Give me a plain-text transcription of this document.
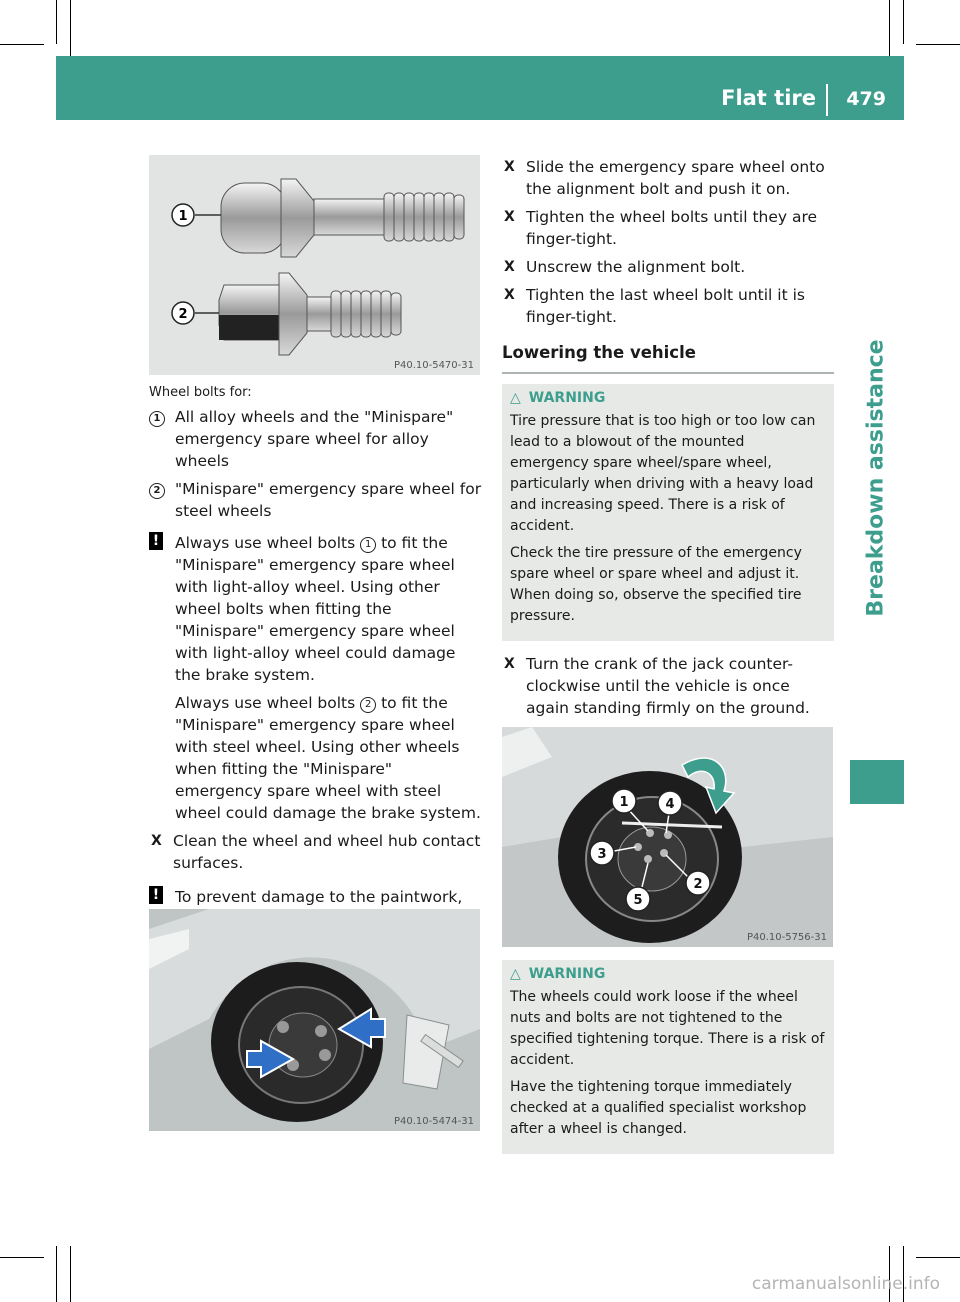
Flat tire 479
Breakdown assistance
1
2
P40.10-5470-31
Wheel bolts for:
1 All alloy wheels and the "Minispare" emergency spare wheel for alloy wheels
2 "Minispare" emergency spare wheel for steel wheels
! Always use wheel bolts 1 to fit the "Minispare" emergency spare wheel with light-alloy wheel. Using other wheel bolts when fitting the "Minispare" emergency spare wheel with light-alloy wheel could damage the brake system.

Always use wheel bolts 2 to fit the "Minispare" emergency spare wheel with steel wheel. Using other wheels when fitting the "Minispare" emergency spare wheel with steel wheel could damage the brake system.

X Clean the wheel and wheel hub contact surfaces.
! To prevent damage to the paintwork,
P40.10-5474-31
X Slide the emergency spare wheel onto the alignment bolt and push it on.
X Tighten the wheel bolts until they are finger-tight.
X Unscrew the alignment bolt.
X Tighten the last wheel bolt until it is finger-tight.
Lowering the vehicle
△ WARNING

Tire pressure that is too high or too low can lead to a blowout of the mounted emergency spare wheel/spare wheel, particularly when driving with a heavy load and increasing speed. There is a risk of accident.

Check the tire pressure of the emergency spare wheel or spare wheel and adjust it. When doing so, observe the specified tire pressure.

X Turn the crank of the jack counter-clockwise until the vehicle is once again standing firmly on the ground.
1	4
3
2
5
P40.10-5756-31
△ WARNING

The wheels could work loose if the wheel nuts and bolts are not tightened to the specified tightening torque. There is a risk of accident.

Have the tightening torque immediately checked at a qualified specialist workshop after a wheel is changed.

carmanualsonline.info
